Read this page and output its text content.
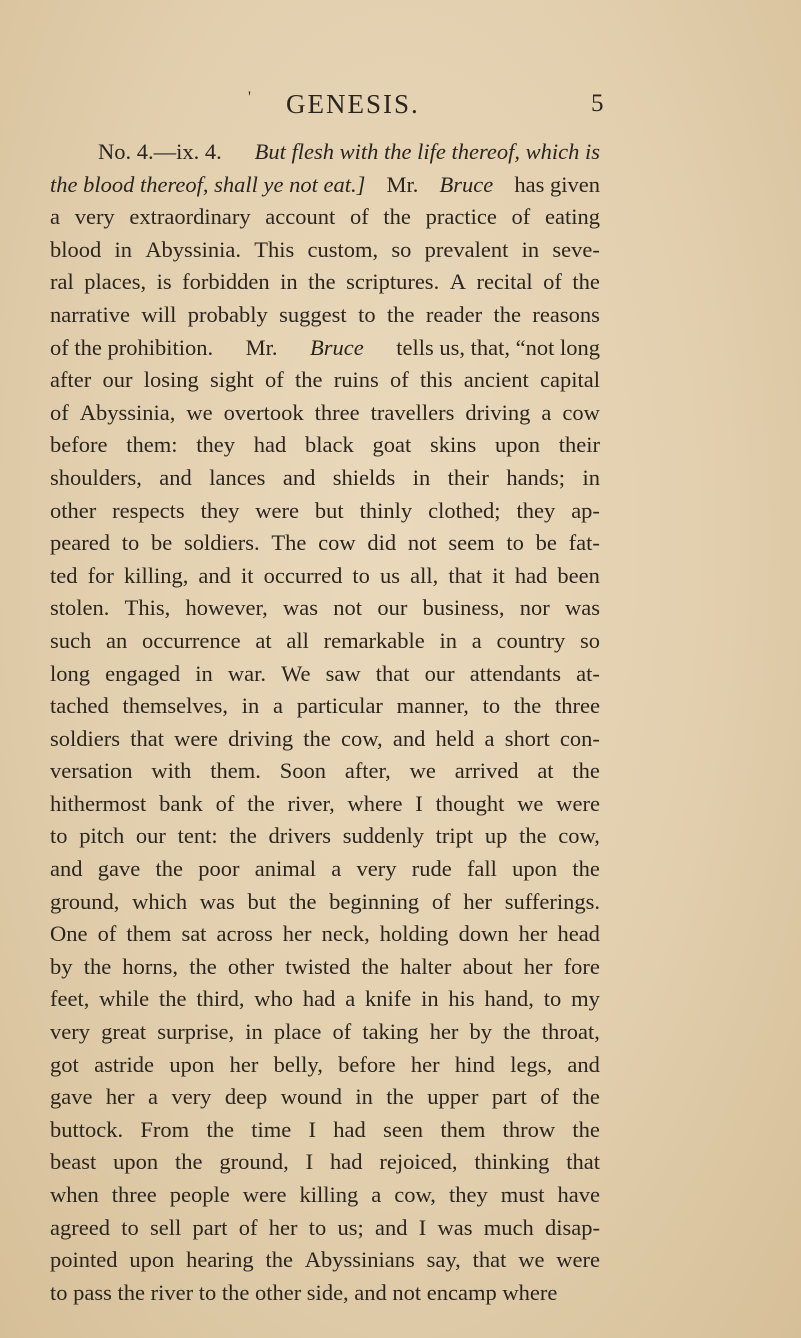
' GENESIS.	5
No. 4.—ix. 4. But flesh with the life thereof, which is
the blood thereof, shall ye not eat.] Mr. Bruce has given
a very extraordinary account of the practice of eating
blood in Abyssinia. This custom, so prevalent in seve-
ral places, is forbidden in the scriptures. A recital of the
narrative will probably suggest to the reader the reasons
of the prohibition. Mr. Bruce tells us, that, “not long
after our losing sight of the ruins of this ancient capital
of Abyssinia, we overtook three travellers driving a cow
before them: they had black goat skins upon their
shoulders, and lances and shields in their hands; in
other respects they were but thinly clothed; they ap-
peared to be soldiers. The cow did not seem to be fat-
ted for killing, and it occurred to us all, that it had been
stolen. This, however, was not our business, nor was
such an occurrence at all remarkable in a country so
long engaged in war. We saw that our attendants at-
tached themselves, in a particular manner, to the three
soldiers that were driving the cow, and held a short con-
versation with them. Soon after, we arrived at the
hithermost bank of the river, where I thought we were
to pitch our tent: the drivers suddenly tript up the cow,
and gave the poor animal a very rude fall upon the
ground, which was but the beginning of her sufferings.
One of them sat across her neck, holding down her head
by the horns, the other twisted the halter about her fore
feet, while the third, who had a knife in his hand, to my
very great surprise, in place of taking her by the throat,
got astride upon her belly, before her hind legs, and
gave her a very deep wound in the upper part of the
buttock. From the time I had seen them throw the
beast upon the ground, I had rejoiced, thinking that
when three people were killing a cow, they must have
agreed to sell part of her to us; and I was much disap-
pointed upon hearing the Abyssinians say, that we were
to pass the river to the other side, and not encamp where
